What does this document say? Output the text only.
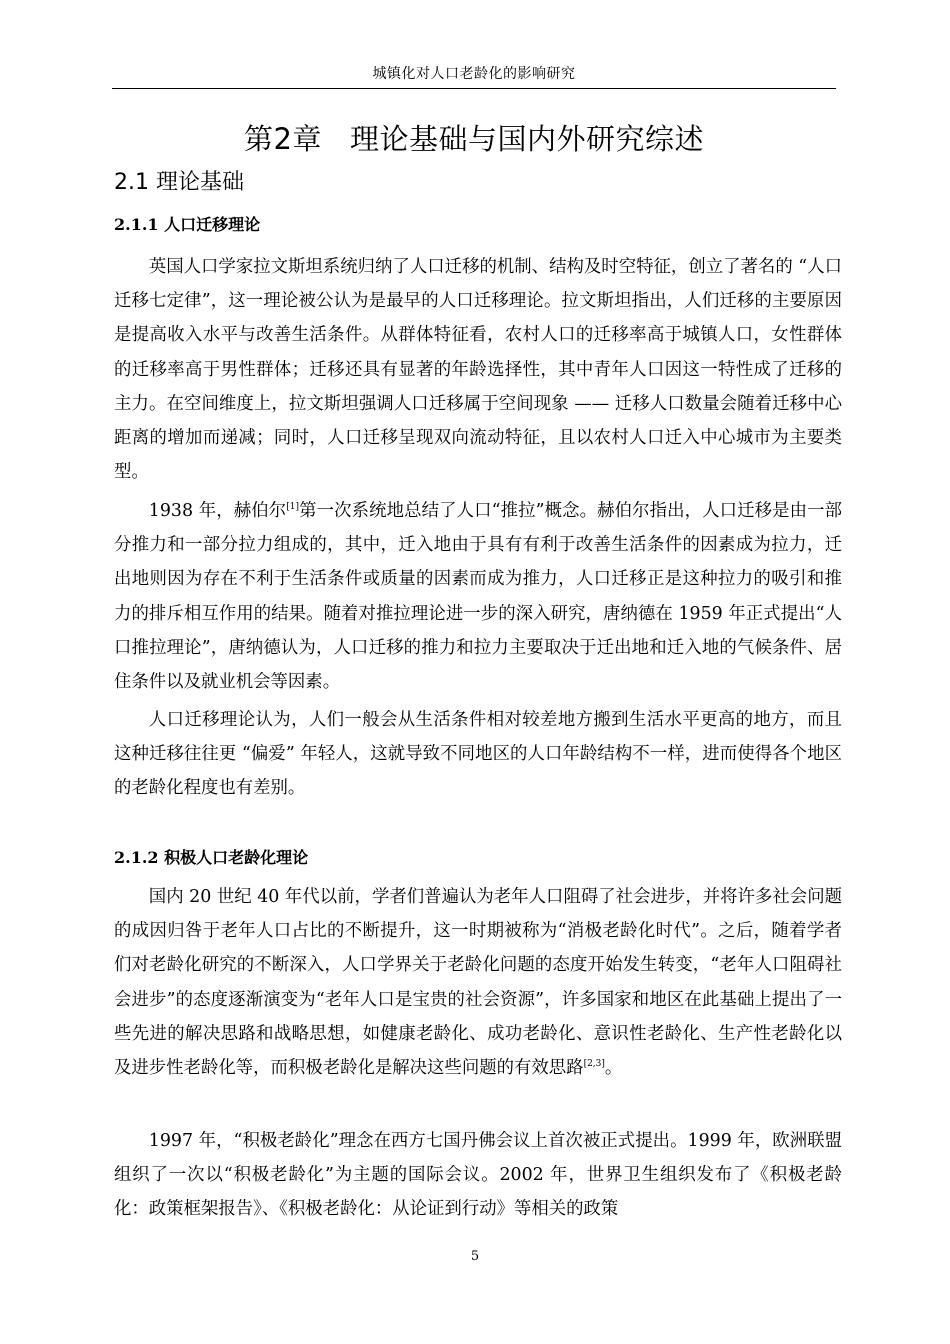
城镇化对人口老龄化的影响研究
第2章 理论基础与国内外研究综述
2.1 理论基础
2.1.1 人口迁移理论

英国人口学家拉文斯坦系统归纳了人口迁移的机制、结构及时空特征，创立了著名的 “人口迁移七定律”，这一理论被公认为是最早的人口迁移理论。拉文斯坦指出，人们迁移的主要原因是提高收入水平与改善生活条件。从群体特征看，农村人口的迁移率高于城镇人口，女性群体的迁移率高于男性群体；迁移还具有显著的年龄选择性，其中青年人口因这一特性成了迁移的主力。在空间维度上，拉文斯坦强调人口迁移属于空间现象 —— 迁移人口数量会随着迁移中心距离的增加而递减；同时，人口迁移呈现双向流动特征，且以农村人口迁入中心城市为主要类型。

1938 年，赫伯尔[1]第一次系统地总结了人口“推拉”概念。赫伯尔指出，人口迁移是由一部分推力和一部分拉力组成的，其中，迁入地由于具有有利于改善生活条件的因素成为拉力，迁出地则因为存在不利于生活条件或质量的因素而成为推力，人口迁移正是这种拉力的吸引和推力的排斥相互作用的结果。随着对推拉理论进一步的深入研究，唐纳德在 1959 年正式提出“人口推拉理论”，唐纳德认为，人口迁移的推力和拉力主要取决于迁出地和迁入地的气候条件、居住条件以及就业机会等因素。

人口迁移理论认为，人们一般会从生活条件相对较差地方搬到生活水平更高的地方，而且这种迁移往往更 “偏爱” 年轻人，这就导致不同地区的人口年龄结构不一样，进而使得各个地区的老龄化程度也有差别。

2.1.2 积极人口老龄化理论

国内 20 世纪 40 年代以前，学者们普遍认为老年人口阻碍了社会进步，并将许多社会问题的成因归咎于老年人口占比的不断提升，这一时期被称为“消极老龄化时代”。之后，随着学者们对老龄化研究的不断深入，人口学界关于老龄化问题的态度开始发生转变，“老年人口阻碍社会进步”的态度逐渐演变为“老年人口是宝贵的社会资源”，许多国家和地区在此基础上提出了一些先进的解决思路和战略思想，如健康老龄化、成功老龄化、意识性老龄化、生产性老龄化以及进步性老龄化等，而积极老龄化是解决这些问题的有效思路[2,3]。

1997 年，“积极老龄化”理念在西方七国丹佛会议上首次被正式提出。1999 年，欧洲联盟组织了一次以“积极老龄化”为主题的国际会议。2002 年，世界卫生组织发布了《积极老龄化：政策框架报告》、《积极老龄化：从论证到行动》等相关的政策

5
